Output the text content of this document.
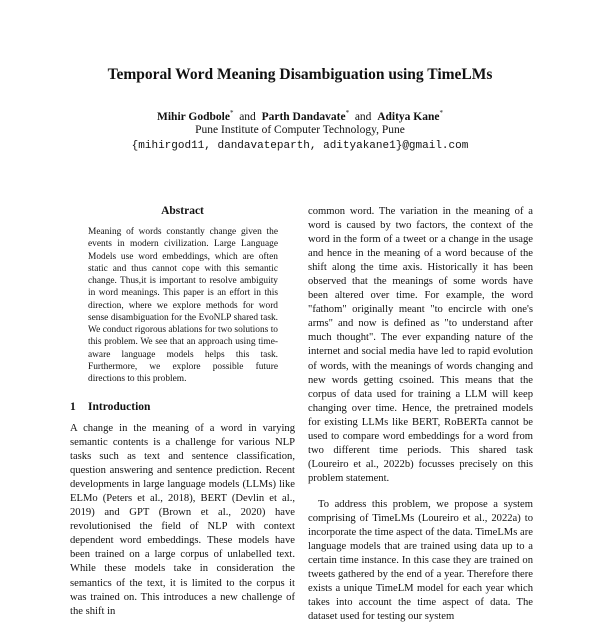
Temporal Word Meaning Disambiguation using TimeLMs
Mihir Godbole* and Parth Dandavate* and Aditya Kane*
Pune Institute of Computer Technology, Pune
{mihirgod11, dandavateparth, adityakane1}@gmail.com
Abstract
Meaning of words constantly change given the events in modern civilization. Large Language Models use word embeddings, which are often static and thus cannot cope with this semantic change. Thus,it is important to resolve ambiguity in word meanings. This paper is an effort in this direction, where we explore methods for word sense disambiguation for the EvoNLP shared task. We conduct rigorous ablations for two solutions to this problem. We see that an approach using time-aware language models helps this task. Furthermore, we explore possible future directions to this problem.
1 Introduction
A change in the meaning of a word in varying semantic contents is a challenge for various NLP tasks such as text and sentence classification, question answering and sentence prediction. Recent developments in large language models (LLMs) like ELMo (Peters et al., 2018), BERT (Devlin et al., 2019) and GPT (Brown et al., 2020) have revolutionised the field of NLP with context dependent word embeddings. These models have been trained on a large corpus of unlabelled text. While these models take in consideration the semantics of the text, it is limited to the corpus it was trained on. This introduces a new challenge of the shift in
common word. The variation in the meaning of a word is caused by two factors, the context of the word in the form of a tweet or a change in the usage and hence in the meaning of a word because of the shift along the time axis. Historically it has been observed that the meanings of some words have been altered over time. For example, the word "fathom" originally meant "to encircle with one's arms" and now is defined as "to understand after much thought". The ever expanding nature of the internet and social media have led to rapid evolution of words, with the meanings of words changing and new words getting csoined. This means that the corpus of data used for training a LLM will keep changing over time. Hence, the pretrained models for existing LLMs like BERT, RoBERTa cannot be used to compare word embeddings for a word from two different time periods. This shared task (Loureiro et al., 2022b) focusses precisely on this problem statement.
To address this problem, we propose a system comprising of TimeLMs (Loureiro et al., 2022a) to incorporate the time aspect of the data. TimeLMs are language models that are trained using data up to a certain time instance. In this case they are trained on tweets gathered by the end of a year. Therefore there exists a unique TimeLM model for each year which takes into account the time aspect of data. The dataset used for testing our system
